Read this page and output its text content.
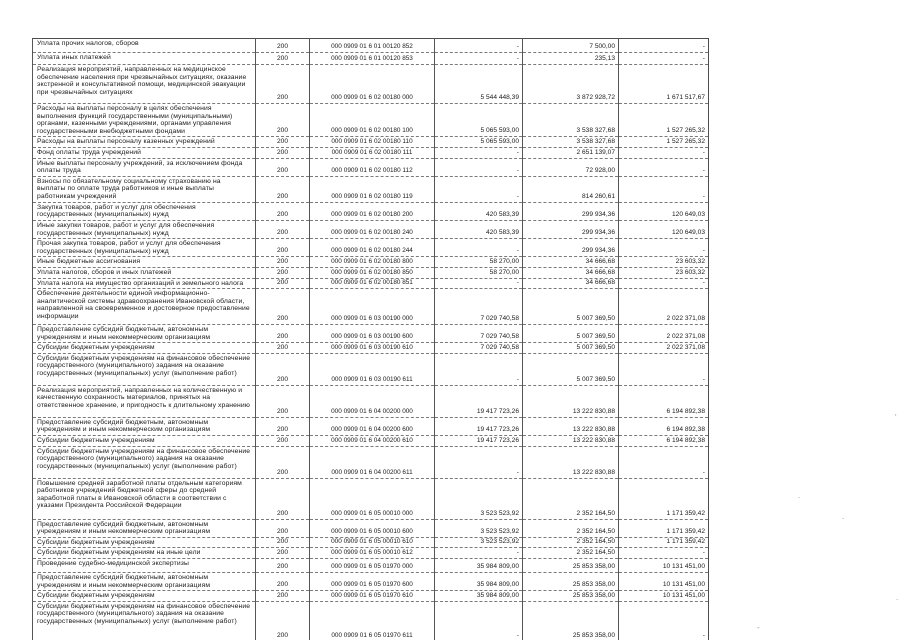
Уплата прочих налогов, сборов	200	000 0909 01 6 01 00120 852	-	7 500,00	-
Уплата иных платежей	200	000 0909 01 6 01 00120 853	-	235,13	-
Реализация мероприятий, направленных на медицинское обеспечение населения при чрезвычайных ситуациях, оказание экстренной и консультативной помощи, медицинской эвакуации при чрезвычайных ситуациях	200	000 0909 01 6 02 00180 000	5 544 448,39	3 872 928,72	1 671 517,67
Расходы на выплаты персоналу в целях обеспечения выполнения функций государственными (муниципальными) органами, казенными учреждениями, органами управления государственными внебюджетными фондами	200	000 0909 01 6 02 00180 100	5 065 593,00	3 538 327,68	1 527 265,32
Расходы на выплаты персоналу казенных учреждений	200	000 0909 01 6 02 00180 110	5 065 593,00	3 538 327,68	1 527 265,32
Фонд оплаты труда учреждений	200	000 0909 01 6 02 00180 111	-	2 651 139,07	-
Иные выплаты персоналу учреждений, за исключением фонда оплаты труда	200	000 0909 01 6 02 00180 112	-	72 928,00	-
Взносы по обязательному социальному страхованию на выплаты по оплате труда работников и иные выплаты работникам учреждений	200	000 0909 01 6 02 00180 119	-	814 260,61	-
Закупка товаров, работ и услуг для обеспечения государственных (муниципальных) нужд	200	000 0909 01 6 02 00180 200	420 583,39	299 934,36	120 649,03
Иные закупки товаров, работ и услуг для обеспечения государственных (муниципальных) нужд	200	000 0909 01 6 02 00180 240	420 583,39	299 934,36	120 649,03
Прочая закупка товаров, работ и услуг для обеспечения государственных (муниципальных) нужд	200	000 0909 01 6 02 00180 244	-	299 934,36	-
Иные бюджетные ассигнования	200	000 0909 01 6 02 00180 800	58 270,00	34 666,68	23 603,32
Уплата налогов, сборов и иных платежей	200	000 0909 01 6 02 00180 850	58 270,00	34 666,68	23 603,32
Уплата налога на имущество организаций и земельного налога	200	000 0909 01 6 02 00180 851	-	34 666,68	-
Обеспечение деятельности единой информационно-аналитической системы здравоохранения Ивановской области, направленной на своевременное и достоверное предоставление информации	200	000 0909 01 6 03 00190 000	7 029 740,58	5 007 369,50	2 022 371,08
Предоставление субсидий бюджетным, автономным учреждениям и иным некоммерческим организациям	200	000 0909 01 6 03 00190 600	7 029 740,58	5 007 369,50	2 022 371,08
Субсидии бюджетным учреждениям	200	000 0909 01 6 03 00190 610	7 029 740,58	5 007 369,50	2 022 371,08
Субсидии бюджетным учреждениям на финансовое обеспечение государственного (муниципального) задания на оказание государственных (муниципальных) услуг (выполнение работ)	200	000 0909 01 6 03 00190 611	-	5 007 369,50	-
Реализация мероприятий, направленных на количественную и качественную сохранность материалов, принятых на ответственное хранение, и пригодность к длительному хранению	200	000 0909 01 6 04 00200 000	19 417 723,26	13 222 830,88	6 194 892,38
Предоставление субсидий бюджетным, автономным учреждениям и иным некоммерческим организациям	200	000 0909 01 6 04 00200 600	19 417 723,26	13 222 830,88	6 194 892,38
Субсидии бюджетным учреждениям	200	000 0909 01 6 04 00200 610	19 417 723,26	13 222 830,88	6 194 892,38
Субсидии бюджетным учреждениям на финансовое обеспечение государственного (муниципального) задания на оказание государственных (муниципальных) услуг (выполнение работ)	200	000 0909 01 6 04 00200 611	-	13 222 830,88	-
Повышение средней заработной платы отдельным категориям работников учреждений бюджетной сферы до средней заработной платы в Ивановской области в соответствии с указами Президента Российской Федерации	200	000 0909 01 6 05 00010 000	3 523 523,92	2 352 164,50	1 171 359,42
Предоставление субсидий бюджетным, автономным учреждениям и иным некоммерческим организациям	200	000 0909 01 6 05 00010 600	3 523 523,92	2 352 164,50	1 171 359,42
Субсидии бюджетным учреждениям	200	000 0909 01 6 05 00010 610	3 523 523,92	2 352 164,50	1 171 359,42
Субсидии бюджетным учреждениям на иные цели	200	000 0909 01 6 05 00010 612	-	2 352 164,50	-
Проведение судебно-медицинской экспертизы	200	000 0909 01 6 05 01970 000	35 984 809,00	25 853 358,00	10 131 451,00
Предоставление субсидий бюджетным, автономным учреждениям и иным некоммерческим организациям	200	000 0909 01 6 05 01970 600	35 984 809,00	25 853 358,00	10 131 451,00
Субсидии бюджетным учреждениям	200	000 0909 01 6 05 01970 610	35 984 809,00	25 853 358,00	10 131 451,00
Субсидии бюджетным учреждениям на финансовое обеспечение государственного (муниципального) задания на оказание государственных (муниципальных) услуг (выполнение работ)	200	000 0909 01 6 05 01970 611	-	25 853 358,00	-
.
'
.
.
-
